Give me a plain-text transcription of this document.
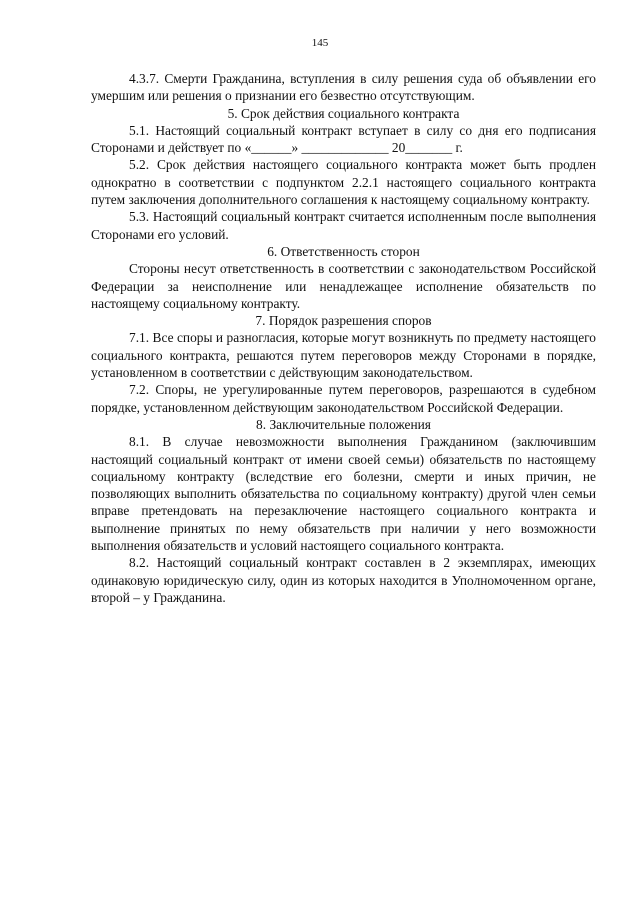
145

4.3.7. Смерти Гражданина, вступления в силу решения суда об объявлении его умершим или решения о признании его безвестно отсутствующим.

5. Срок действия социального контракта

5.1. Настоящий социальный контракт вступает в силу со дня его подписания Сторонами и действует по «______» _____________ 20_______ г.

5.2. Срок действия настоящего социального контракта может быть продлен однократно в соответствии с подпунктом 2.2.1 настоящего социального контракта путем заключения дополнительного соглашения к настоящему социальному контракту.

5.3. Настоящий социальный контракт считается исполненным после выполнения Сторонами его условий.

6. Ответственность сторон

Стороны несут ответственность в соответствии с законодательством Российской Федерации за неисполнение или ненадлежащее исполнение обязательств по настоящему социальному контракту.

7. Порядок разрешения споров

7.1. Все споры и разногласия, которые могут возникнуть по предмету настоящего социального контракта, решаются путем переговоров между Сторонами в порядке, установленном в соответствии с действующим законодательством.

7.2. Споры, не урегулированные путем переговоров, разрешаются в судебном порядке, установленном действующим законодательством Российской Федерации.

8. Заключительные положения

8.1. В случае невозможности выполнения Гражданином (заключившим настоящий социальный контракт от имени своей семьи) обязательств по настоящему социальному контракту (вследствие его болезни, смерти и иных причин, не позволяющих выполнить обязательства по социальному контракту) другой член семьи вправе претендовать на перезаключение настоящего социального контракта и выполнение принятых по нему обязательств при наличии у него возможности выполнения обязательств и условий настоящего социального контракта.

8.2. Настоящий социальный контракт составлен в 2 экземплярах, имеющих одинаковую юридическую силу, один из которых находится в Уполномоченном органе, второй – у Гражданина.
